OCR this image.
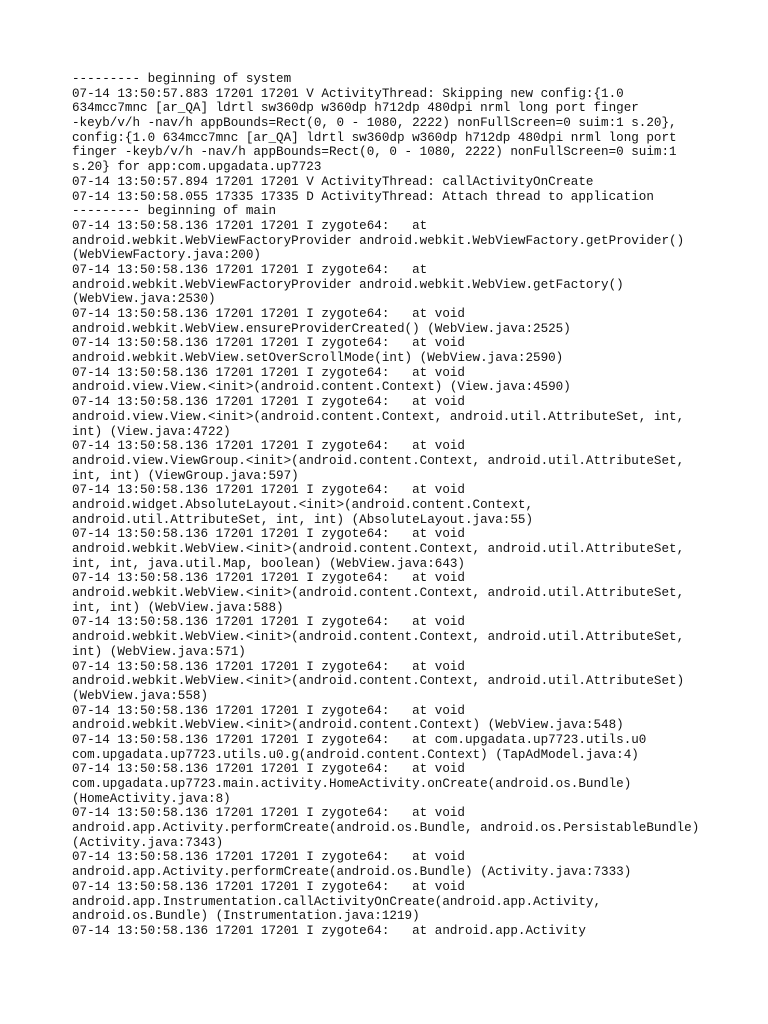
--------- beginning of system
07-14 13:50:57.883 17201 17201 V ActivityThread: Skipping new config:{1.0
634mcc7mnc [ar_QA] ldrtl sw360dp w360dp h712dp 480dpi nrml long port finger
-keyb/v/h -nav/h appBounds=Rect(0, 0 - 1080, 2222) nonFullScreen=0 suim:1 s.20},
config:{1.0 634mcc7mnc [ar_QA] ldrtl sw360dp w360dp h712dp 480dpi nrml long port
finger -keyb/v/h -nav/h appBounds=Rect(0, 0 - 1080, 2222) nonFullScreen=0 suim:1
s.20} for app:com.upgadata.up7723
07-14 13:50:57.894 17201 17201 V ActivityThread: callActivityOnCreate
07-14 13:50:58.055 17335 17335 D ActivityThread: Attach thread to application
--------- beginning of main
07-14 13:50:58.136 17201 17201 I zygote64:   at
android.webkit.WebViewFactoryProvider android.webkit.WebViewFactory.getProvider()
(WebViewFactory.java:200)
07-14 13:50:58.136 17201 17201 I zygote64:   at
android.webkit.WebViewFactoryProvider android.webkit.WebView.getFactory()
(WebView.java:2530)
07-14 13:50:58.136 17201 17201 I zygote64:   at void
android.webkit.WebView.ensureProviderCreated() (WebView.java:2525)
07-14 13:50:58.136 17201 17201 I zygote64:   at void
android.webkit.WebView.setOverScrollMode(int) (WebView.java:2590)
07-14 13:50:58.136 17201 17201 I zygote64:   at void
android.view.View.<init>(android.content.Context) (View.java:4590)
07-14 13:50:58.136 17201 17201 I zygote64:   at void
android.view.View.<init>(android.content.Context, android.util.AttributeSet, int,
int) (View.java:4722)
07-14 13:50:58.136 17201 17201 I zygote64:   at void
android.view.ViewGroup.<init>(android.content.Context, android.util.AttributeSet,
int, int) (ViewGroup.java:597)
07-14 13:50:58.136 17201 17201 I zygote64:   at void
android.widget.AbsoluteLayout.<init>(android.content.Context,
android.util.AttributeSet, int, int) (AbsoluteLayout.java:55)
07-14 13:50:58.136 17201 17201 I zygote64:   at void
android.webkit.WebView.<init>(android.content.Context, android.util.AttributeSet,
int, int, java.util.Map, boolean) (WebView.java:643)
07-14 13:50:58.136 17201 17201 I zygote64:   at void
android.webkit.WebView.<init>(android.content.Context, android.util.AttributeSet,
int, int) (WebView.java:588)
07-14 13:50:58.136 17201 17201 I zygote64:   at void
android.webkit.WebView.<init>(android.content.Context, android.util.AttributeSet,
int) (WebView.java:571)
07-14 13:50:58.136 17201 17201 I zygote64:   at void
android.webkit.WebView.<init>(android.content.Context, android.util.AttributeSet)
(WebView.java:558)
07-14 13:50:58.136 17201 17201 I zygote64:   at void
android.webkit.WebView.<init>(android.content.Context) (WebView.java:548)
07-14 13:50:58.136 17201 17201 I zygote64:   at com.upgadata.up7723.utils.u0
com.upgadata.up7723.utils.u0.g(android.content.Context) (TapAdModel.java:4)
07-14 13:50:58.136 17201 17201 I zygote64:   at void
com.upgadata.up7723.main.activity.HomeActivity.onCreate(android.os.Bundle)
(HomeActivity.java:8)
07-14 13:50:58.136 17201 17201 I zygote64:   at void
android.app.Activity.performCreate(android.os.Bundle, android.os.PersistableBundle)
(Activity.java:7343)
07-14 13:50:58.136 17201 17201 I zygote64:   at void
android.app.Activity.performCreate(android.os.Bundle) (Activity.java:7333)
07-14 13:50:58.136 17201 17201 I zygote64:   at void
android.app.Instrumentation.callActivityOnCreate(android.app.Activity,
android.os.Bundle) (Instrumentation.java:1219)
07-14 13:50:58.136 17201 17201 I zygote64:   at android.app.Activity
